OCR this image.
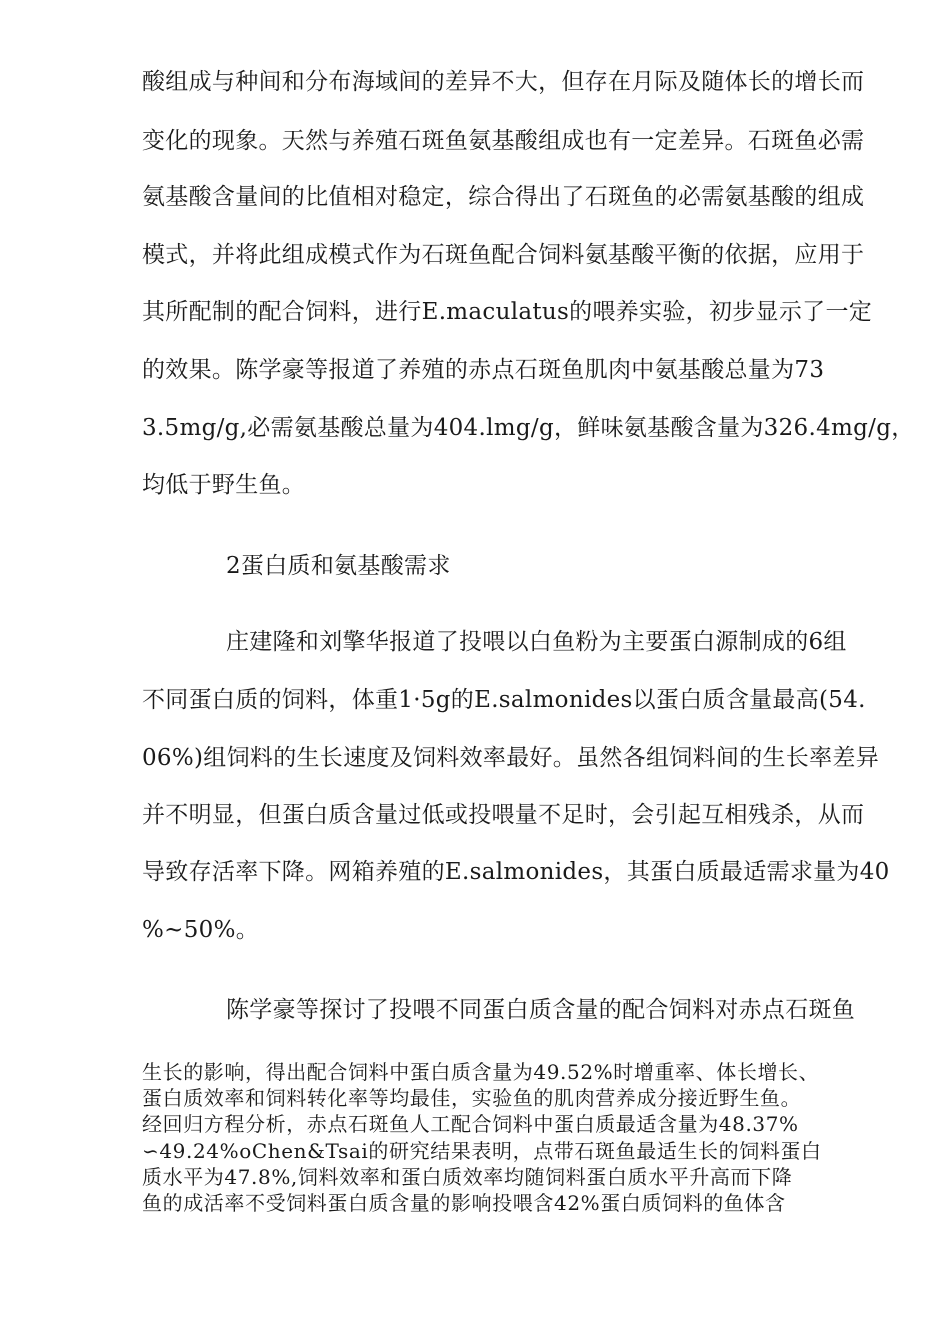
酸组成与种间和分布海域间的差异不大，但存在月际及随体长的增长而
变化的现象。天然与养殖石斑鱼氨基酸组成也有一定差异。石斑鱼必需
氨基酸含量间的比值相对稳定，综合得出了石斑鱼的必需氨基酸的组成
模式，并将此组成模式作为石斑鱼配合饲料氨基酸平衡的依据，应用于
其所配制的配合饲料，进行E.maculatus的喂养实验，初步显示了一定
的效果。陈学豪等报道了养殖的赤点石斑鱼肌肉中氨基酸总量为73
3.5mg/g,必需氨基酸总量为404.lmg/g，鲜味氨基酸含量为326.4mg/g，
均低于野生鱼。
2蛋白质和氨基酸需求
庄建隆和刘擎华报道了投喂以白鱼粉为主要蛋白源制成的6组
不同蛋白质的饲料，体重1·5g的E.salmonides以蛋白质含量最高(54.
06%)组饲料的生长速度及饲料效率最好。虽然各组饲料间的生长率差异
并不明显，但蛋白质含量过低或投喂量不足时，会引起互相残杀，从而
导致存活率下降。网箱养殖的E.salmonides，其蛋白质最适需求量为40
%~50%。
陈学豪等探讨了投喂不同蛋白质含量的配合饲料对赤点石斑鱼
生长的影响，得出配合饲料中蛋白质含量为49.52%时增重率、体长增长、
蛋白质效率和饲料转化率等均最佳，实验鱼的肌肉营养成分接近野生鱼。
经回归方程分析，赤点石斑鱼人工配合饲料中蛋白质最适含量为48.37%
∽49.24%oChen&Tsai的研究结果表明，点带石斑鱼最适生长的饲料蛋白
质水平为47.8%,饲料效率和蛋白质效率均随饲料蛋白质水平升高而下降
鱼的成活率不受饲料蛋白质含量的影响投喂含42%蛋白质饲料的鱼体含
